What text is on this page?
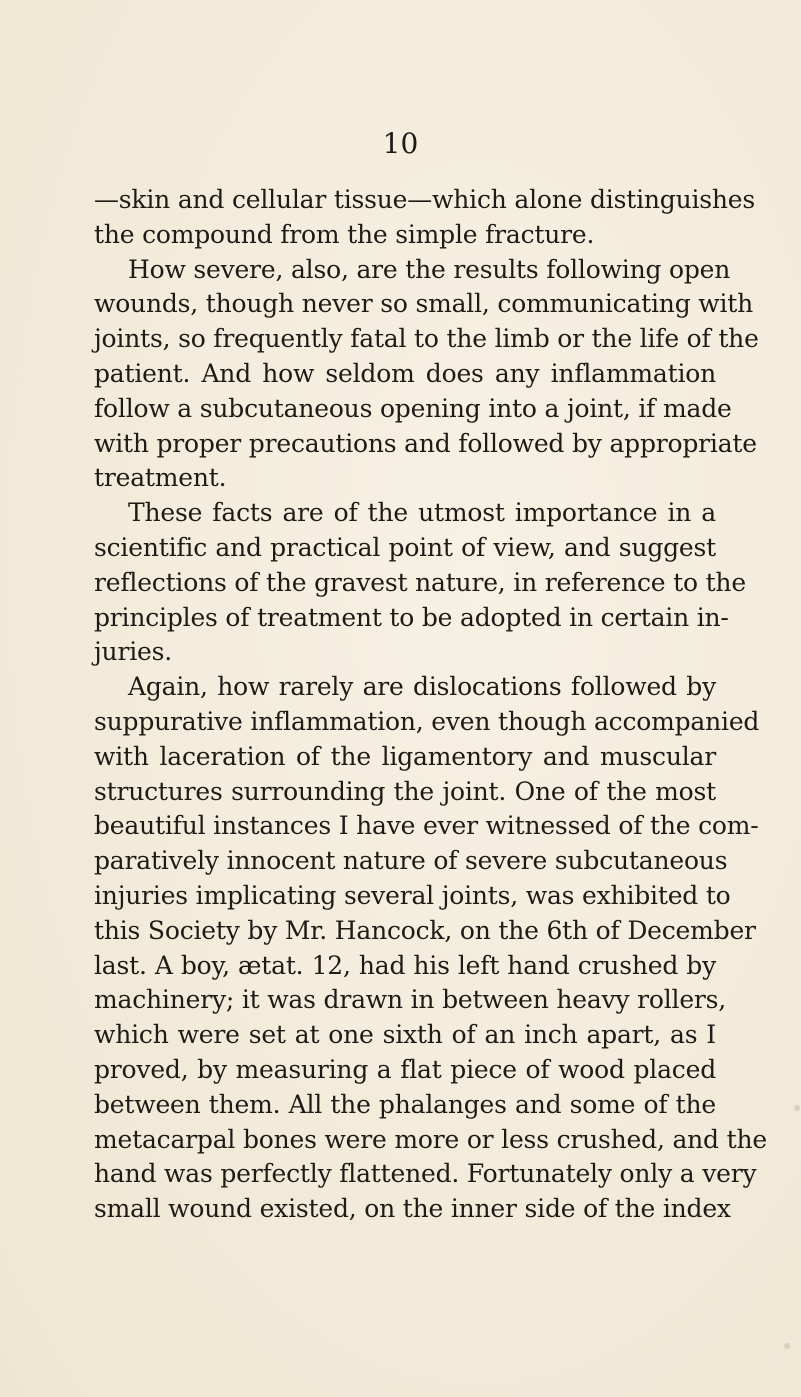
10
—skin and cellular tissue—which alone distinguishes
the compound from the simple fracture.
How severe, also, are the results following open
wounds, though never so small, communicating with
joints, so frequently fatal to the limb or the life of the
patient. And how seldom does any inflammation
follow a subcutaneous opening into a joint, if made
with proper precautions and followed by appropriate
treatment.
These facts are of the utmost importance in a
scientific and practical point of view, and suggest
reflections of the gravest nature, in reference to the
principles of treatment to be adopted in certain in-
juries.
Again, how rarely are dislocations followed by
suppurative inflammation, even though accompanied
with laceration of the ligamentory and muscular
structures surrounding the joint. One of the most
beautiful instances I have ever witnessed of the com-
paratively innocent nature of severe subcutaneous
injuries implicating several joints, was exhibited to
this Society by Mr. Hancock, on the 6th of December
last. A boy, ætat. 12, had his left hand crushed by
machinery; it was drawn in between heavy rollers,
which were set at one sixth of an inch apart, as I
proved, by measuring a flat piece of wood placed
between them. All the phalanges and some of the
metacarpal bones were more or less crushed, and the
hand was perfectly flattened. Fortunately only a very
small wound existed, on the inner side of the index
